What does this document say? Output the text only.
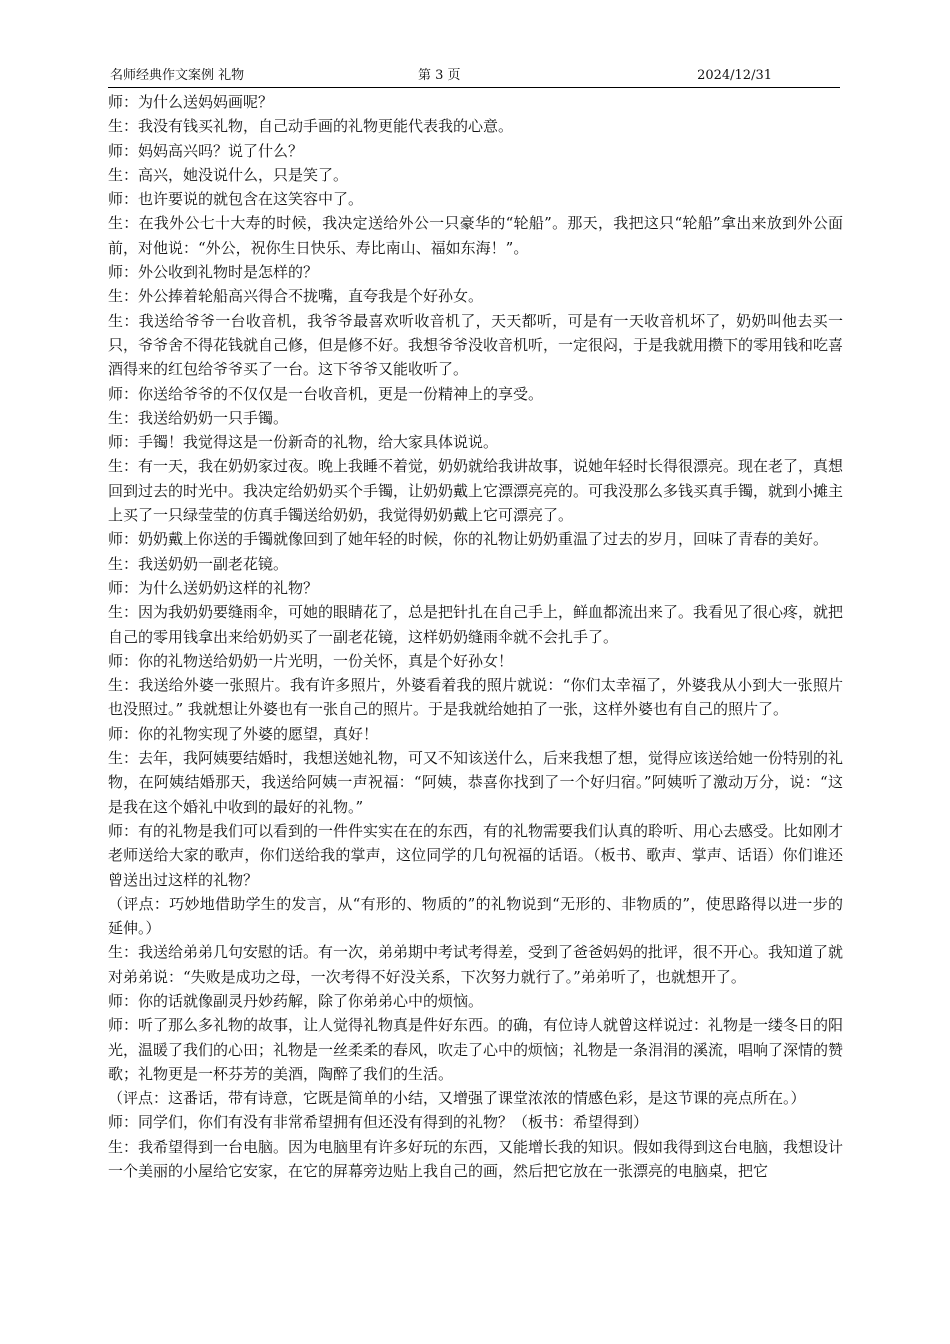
名师经典作文案例 礼物	第 3 页	2024/12/31

师：为什么送妈妈画呢？

生：我没有钱买礼物，自己动手画的礼物更能代表我的心意。

师：妈妈高兴吗？说了什么？

生：高兴，她没说什么，只是笑了。

师：也许要说的就包含在这笑容中了。

生：在我外公七十大寿的时候，我决定送给外公一只豪华的“轮船”。那天，我把这只“轮船”拿出来放到外公面前，对他说：“外公，祝你生日快乐、寿比南山、福如东海！”。

师：外公收到礼物时是怎样的？

生：外公捧着轮船高兴得合不拢嘴，直夸我是个好孙女。

生：我送给爷爷一台收音机，我爷爷最喜欢听收音机了，天天都听，可是有一天收音机坏了，奶奶叫他去买一只，爷爷舍不得花钱就自己修，但是修不好。我想爷爷没收音机听，一定很闷，于是我就用攒下的零用钱和吃喜酒得来的红包给爷爷买了一台。这下爷爷又能收听了。

师：你送给爷爷的不仅仅是一台收音机，更是一份精神上的享受。

生：我送给奶奶一只手镯。

师：手镯！我觉得这是一份新奇的礼物，给大家具体说说。

生：有一天，我在奶奶家过夜。晚上我睡不着觉，奶奶就给我讲故事，说她年轻时长得很漂亮。现在老了，真想回到过去的时光中。我决定给奶奶买个手镯，让奶奶戴上它漂漂亮亮的。可我没那么多钱买真手镯，就到小摊主上买了一只绿莹莹的仿真手镯送给奶奶，我觉得奶奶戴上它可漂亮了。

师：奶奶戴上你送的手镯就像回到了她年轻的时候，你的礼物让奶奶重温了过去的岁月，回味了青春的美好。

生：我送奶奶一副老花镜。

师：为什么送奶奶这样的礼物？

生：因为我奶奶要缝雨伞，可她的眼睛花了，总是把针扎在自己手上，鲜血都流出来了。我看见了很心疼，就把自己的零用钱拿出来给奶奶买了一副老花镜，这样奶奶缝雨伞就不会扎手了。

师：你的礼物送给奶奶一片光明，一份关怀，真是个好孙女！

生：我送给外婆一张照片。我有许多照片，外婆看着我的照片就说：“你们太幸福了，外婆我从小到大一张照片也没照过。” 我就想让外婆也有一张自己的照片。于是我就给她拍了一张，这样外婆也有自己的照片了。

师：你的礼物实现了外婆的愿望，真好！

生：去年，我阿姨要结婚时，我想送她礼物，可又不知该送什么，后来我想了想，觉得应该送给她一份特别的礼物，在阿姨结婚那天，我送给阿姨一声祝福：“阿姨，恭喜你找到了一个好归宿。”阿姨听了激动万分，说：“这是我在这个婚礼中收到的最好的礼物。”

师：有的礼物是我们可以看到的一件件实实在在的东西，有的礼物需要我们认真的聆听、用心去感受。比如刚才老师送给大家的歌声，你们送给我的掌声，这位同学的几句祝福的话语。（板书、歌声、掌声、话语）你们谁还曾送出过这样的礼物？

（评点：巧妙地借助学生的发言，从“有形的、物质的”的礼物说到“无形的、非物质的”，使思路得以进一步的延伸。）

生：我送给弟弟几句安慰的话。有一次，弟弟期中考试考得差，受到了爸爸妈妈的批评，很不开心。我知道了就对弟弟说：“失败是成功之母，一次考得不好没关系，下次努力就行了。”弟弟听了，也就想开了。

师：你的话就像副灵丹妙药解，除了你弟弟心中的烦恼。

师：听了那么多礼物的故事，让人觉得礼物真是件好东西。的确，有位诗人就曾这样说过：礼物是一缕冬日的阳光，温暖了我们的心田；礼物是一丝柔柔的春风，吹走了心中的烦恼；礼物是一条涓涓的溪流，唱响了深情的赞歌；礼物更是一杯芬芳的美酒，陶醉了我们的生活。

（评点：这番话，带有诗意，它既是简单的小结，又增强了课堂浓浓的情感色彩，是这节课的亮点所在。）

师：同学们，你们有没有非常希望拥有但还没有得到的礼物？（板书：希望得到）

生：我希望得到一台电脑。因为电脑里有许多好玩的东西，又能增长我的知识。假如我得到这台电脑，我想设计一个美丽的小屋给它安家，在它的屏幕旁边贴上我自己的画，然后把它放在一张漂亮的电脑桌，把它
